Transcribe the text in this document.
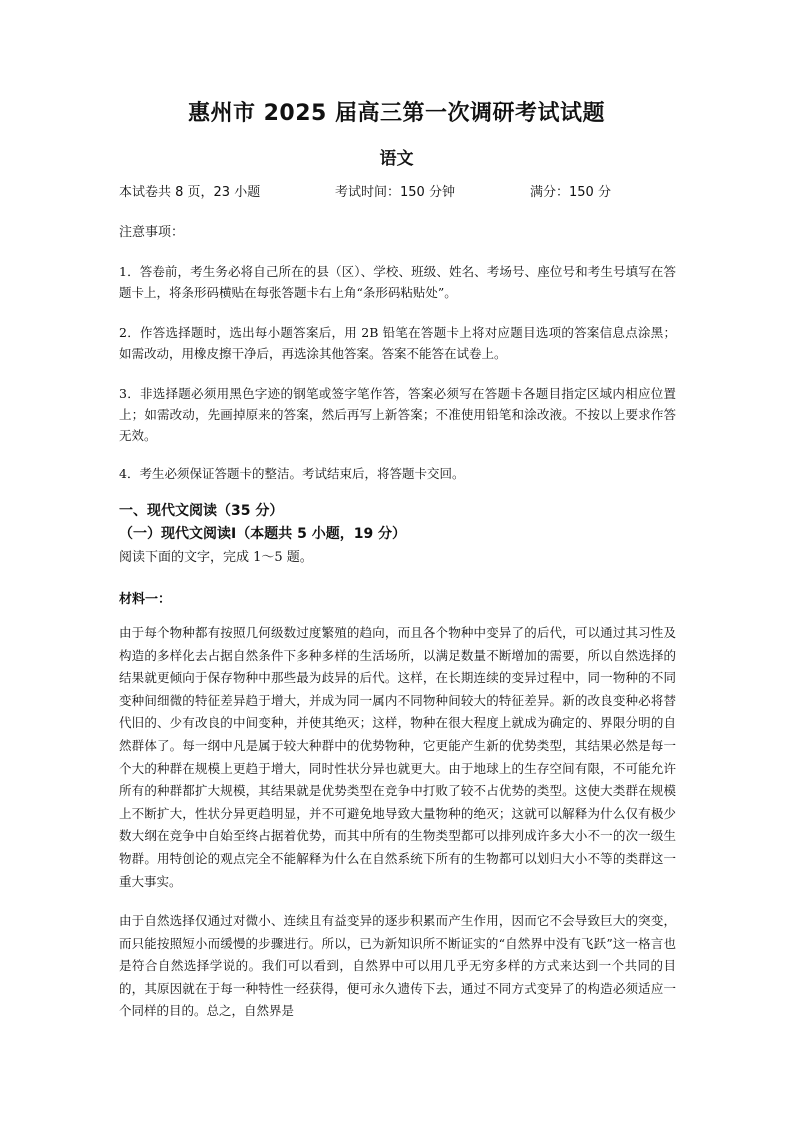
惠州市 2025 届高三第一次调研考试试题
语文
本试卷共 8 页，23 小题	考试时间：150 分钟	满分：150 分
注意事项：
1．答卷前，考生务必将自己所在的县（区）、学校、班级、姓名、考场号、座位号和考生号填写在答题卡上，将条形码横贴在每张答题卡右上角“条形码粘贴处”。
2．作答选择题时，选出每小题答案后，用 2B 铅笔在答题卡上将对应题目选项的答案信息点涂黑；如需改动，用橡皮擦干净后，再选涂其他答案。答案不能答在试卷上。
3．非选择题必须用黑色字迹的钢笔或签字笔作答，答案必须写在答题卡各题目指定区域内相应位置上；如需改动，先画掉原来的答案，然后再写上新答案；不准使用铅笔和涂改液。不按以上要求作答无效。
4．考生必须保证答题卡的整洁。考试结束后，将答题卡交回。
一、现代文阅读（35 分）
（一）现代文阅读Ⅰ（本题共 5 小题，19 分）
阅读下面的文字，完成 1～5 题。
材料一：
由于每个物种都有按照几何级数过度繁殖的趋向，而且各个物种中变异了的后代，可以通过其习性及构造的多样化去占据自然条件下多种多样的生活场所，以满足数量不断增加的需要，所以自然选择的结果就更倾向于保存物种中那些最为歧异的后代。这样，在长期连续的变异过程中，同一物种的不同变种间细微的特征差异趋于增大，并成为同一属内不同物种间较大的特征差异。新的改良变种必将替代旧的、少有改良的中间变种，并使其绝灭；这样，物种在很大程度上就成为确定的、界限分明的自然群体了。每一纲中凡是属于较大种群中的优势物种，它更能产生新的优势类型，其结果必然是每一个大的种群在规模上更趋于增大，同时性状分异也就更大。由于地球上的生存空间有限，不可能允许所有的种群都扩大规模，其结果就是优势类型在竞争中打败了较不占优势的类型。这使大类群在规模上不断扩大，性状分异更趋明显，并不可避免地导致大量物种的绝灭；这就可以解释为什么仅有极少数大纲在竞争中自始至终占据着优势，而其中所有的生物类型都可以排列成许多大小不一的次一级生物群。用特创论的观点完全不能解释为什么在自然系统下所有的生物都可以划归大小不等的类群这一重大事实。
由于自然选择仅通过对微小、连续且有益变异的逐步积累而产生作用，因而它不会导致巨大的突变，而只能按照短小而缓慢的步骤进行。所以，已为新知识所不断证实的“自然界中没有飞跃”这一格言也是符合自然选择学说的。我们可以看到，自然界中可以用几乎无穷多样的方式来达到一个共同的目的，其原因就在于每一种特性一经获得，便可永久遗传下去，通过不同方式变异了的构造必须适应一个同样的目的。总之，自然界是
